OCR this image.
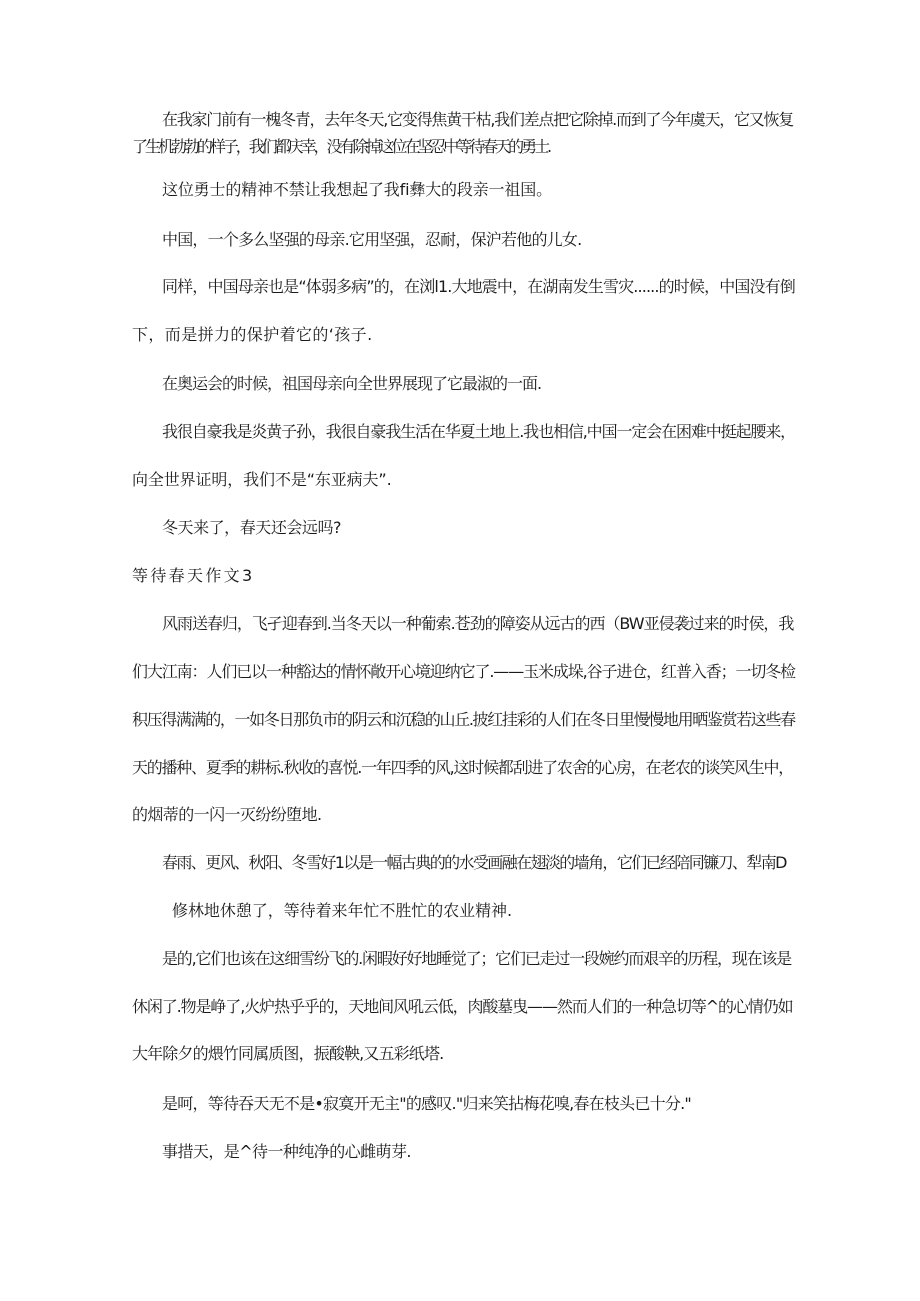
在我家门前有一槐冬青，去年冬天,它变得焦黄干枯,我们差点把它除掉.而到了今年虞天，它又恢复
了生机勃勃的样子，我们都庆幸，没有除掉这位在坚忍中等待春天的勇士.
这位勇士的精神不禁让我想起了我fi彝大的段亲一祖国。
中国，一个多么坚强的母亲.它用坚强，忍耐，保沪若他的儿女.
同样，中国母亲也是“体弱多病”的，在浏l1.大地震中，在湖南发生雪灾......的时候，中国没有倒
下，而是拼力的保护着它的‘孩子.
在奥运会的时候，祖国母亲向全世界展现了它最淑的一面.
我很自豪我是炎黄子孙，我很自豪我生活在华夏土地上.我也相信,中国一定会在困难中挺起腰来，
向全世界证明，我们不是“东亚病夫”.
冬天来了，春天还会远吗?
等待春天作文3
风雨送春归，飞孑迎春到.当冬天以一种葡索.苍劲的障姿从远古的西（BW亚侵袭过来的时侯，我
们大江南：人们已以一种豁达的情怀敞开心境迎纳它了.——玉米成垛,谷子进仓，红普入香；一切冬检
积压得满满的，一如冬日那负市的阴云和沉稳的山丘.披红挂彩的人们在冬日里慢慢地用晒鉴赏若这些春
天的播种、夏季的耕标.秋收的喜悦.一年四季的风,这时候都刮进了农舍的心房，在老农的谈笑风生中，
的烟蒂的一闪一灭纷纷堕地.
春雨、更风、秋阳、冬雪好1以是一幅古典的的水受画融在翅淡的墙角，它们已经陪同镰刀、犁南D
修林地休憩了，等待着来年忙不胜忙的农业精神.
是的,它们也该在这细雪纷飞的.闲暇好好地睡觉了；它们已走过一段婉约而艰辛的历程，现在该是
休闲了.物是峥了,火炉热乎乎的，天地间风吼云低，肉酸墓曳——然而人们的一种急切等^的心情仍如
大年除夕的煨竹同属质图，振酸鞅,又五彩纸塔.
是呵，等待吞天无不是•寂寞开无主"的感叹."归来笑拈梅花嗅,春在枝头已十分."
事措天，是^待一种纯净的心雌萌芽.
